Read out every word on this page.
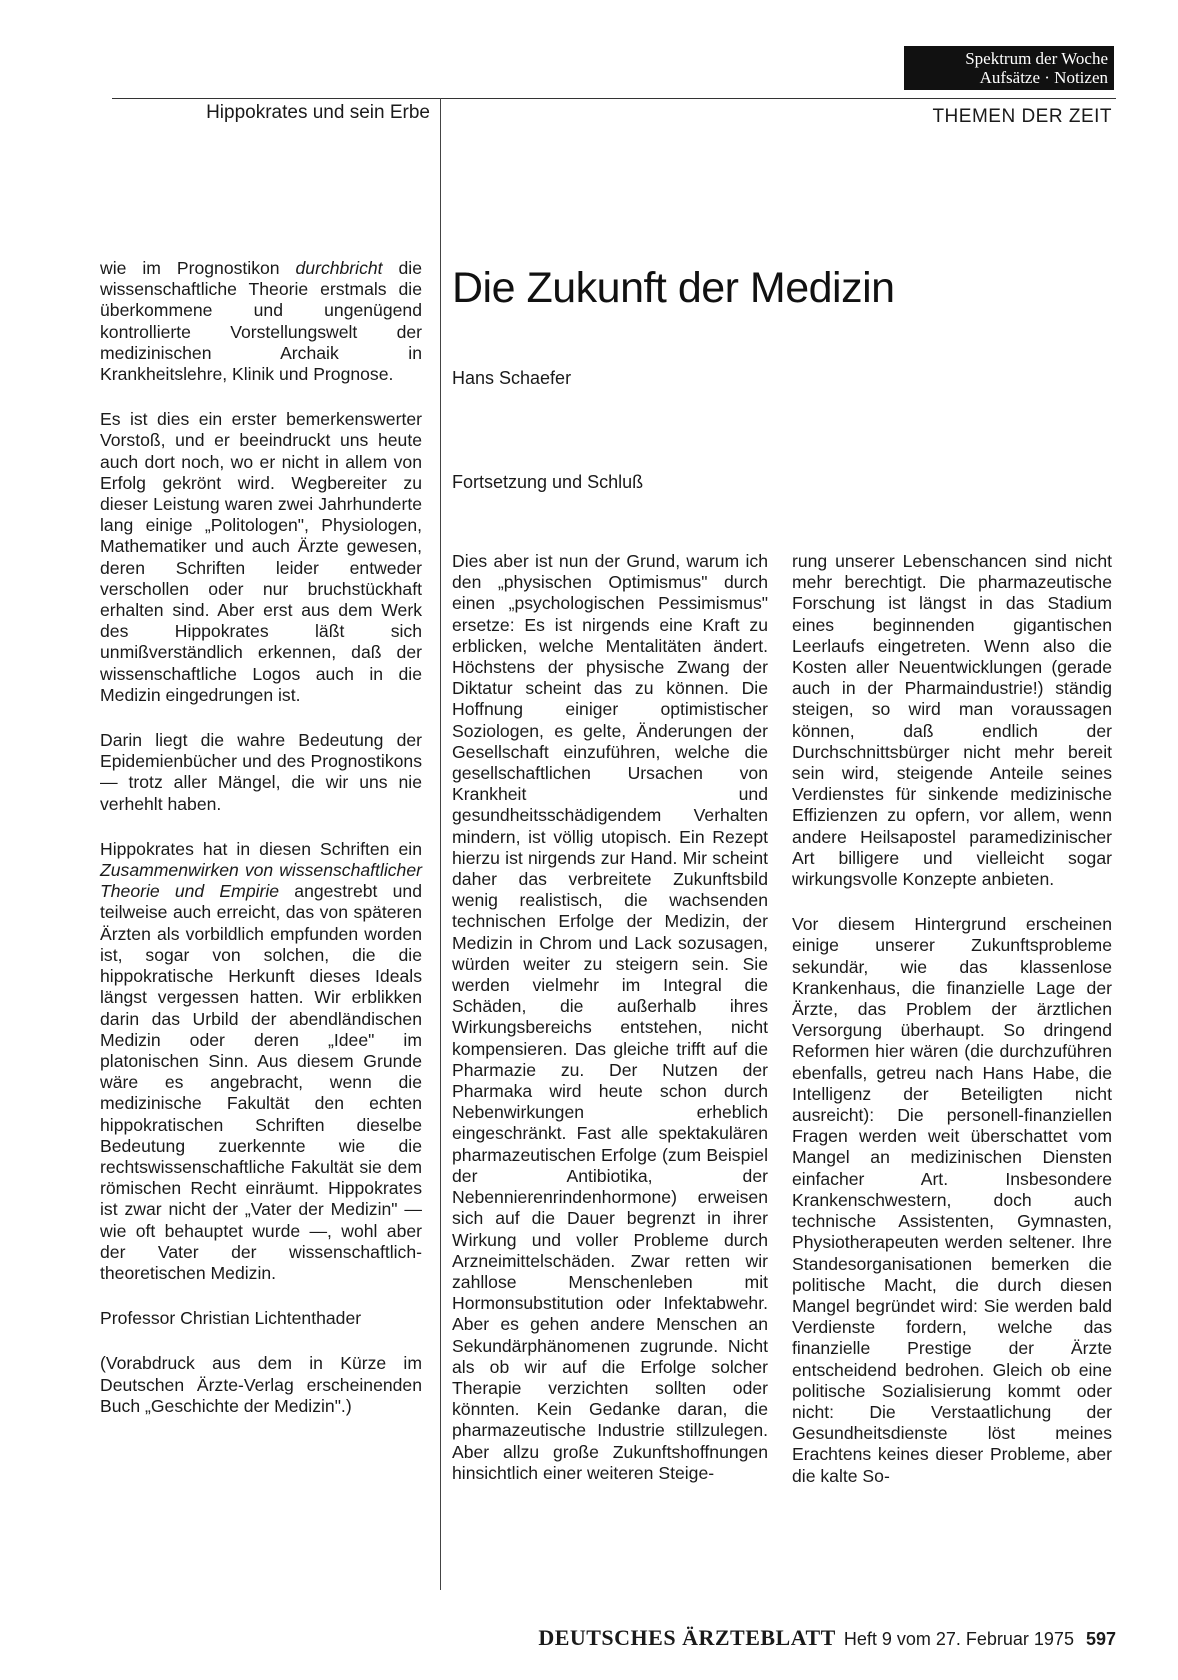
Spektrum der Woche
Aufsätze · Notizen
Hippokrates und sein Erbe	THEMEN DER ZEIT
Die Zukunft der Medizin
Hans Schaefer
Fortsetzung und Schluß

wie im Prognostikon durchbricht die wissenschaftliche Theorie erstmals die überkommene und ungenügend kontrollierte Vorstellungswelt der medizinischen Archaik in Krankheitslehre, Klinik und Prognose.

Es ist dies ein erster bemerkenswerter Vorstoß, und er beeindruckt uns heute auch dort noch, wo er nicht in allem von Erfolg gekrönt wird. Wegbereiter zu dieser Leistung waren zwei Jahrhunderte lang einige „Politologen", Physiologen, Mathematiker und auch Ärzte gewesen, deren Schriften leider entweder verschollen oder nur bruchstückhaft erhalten sind. Aber erst aus dem Werk des Hippokrates läßt sich unmißverständlich erkennen, daß der wissenschaftliche Logos auch in die Medizin eingedrungen ist.

Darin liegt die wahre Bedeutung der Epidemienbücher und des Prognostikons — trotz aller Mängel, die wir uns nie verhehlt haben.

Hippokrates hat in diesen Schriften ein Zusammenwirken von wissenschaftlicher Theorie und Empirie angestrebt und teilweise auch erreicht, das von späteren Ärzten als vorbildlich empfunden worden ist, sogar von solchen, die die hippokratische Herkunft dieses Ideals längst vergessen hatten. Wir erblikken darin das Urbild der abendländischen Medizin oder deren „Idee" im platonischen Sinn. Aus diesem Grunde wäre es angebracht, wenn die medizinische Fakultät den echten hippokratischen Schriften dieselbe Bedeutung zuerkennte wie die rechtswissenschaftliche Fakultät sie dem römischen Recht einräumt. Hippokrates ist zwar nicht der „Vater der Medizin" — wie oft behauptet wurde —, wohl aber der Vater der wissenschaftlich-theoretischen Medizin.

Professor Christian Lichtenthader

(Vorabdruck aus dem in Kürze im Deutschen Ärzte-Verlag erscheinenden Buch „Geschichte der Medizin".)

Dies aber ist nun der Grund, warum ich den „physischen Optimismus" durch einen „psychologischen Pessimismus" ersetze: Es ist nirgends eine Kraft zu erblicken, welche Mentalitäten ändert. Höchstens der physische Zwang der Diktatur scheint das zu können. Die Hoffnung einiger optimistischer Soziologen, es gelte, Änderungen der Gesellschaft einzuführen, welche die gesellschaftlichen Ursachen von Krankheit und gesundheitsschädigendem Verhalten mindern, ist völlig utopisch. Ein Rezept hierzu ist nirgends zur Hand. Mir scheint daher das verbreitete Zukunftsbild wenig realistisch, die wachsenden technischen Erfolge der Medizin, der Medizin in Chrom und Lack sozusagen, würden weiter zu steigern sein. Sie werden vielmehr im Integral die Schäden, die außerhalb ihres Wirkungsbereichs entstehen, nicht kompensieren. Das gleiche trifft auf die Pharmazie zu. Der Nutzen der Pharmaka wird heute schon durch Nebenwirkungen erheblich eingeschränkt. Fast alle spektakulären pharmazeutischen Erfolge (zum Beispiel der Antibiotika, der Nebennierenrindenhormone) erweisen sich auf die Dauer begrenzt in ihrer Wirkung und voller Probleme durch Arzneimittelschäden. Zwar retten wir zahllose Menschenleben mit Hormonsubstitution oder Infektabwehr. Aber es gehen andere Menschen an Sekundärphänomenen zugrunde. Nicht als ob wir auf die Erfolge solcher Therapie verzichten sollten oder könnten. Kein Gedanke daran, die pharmazeutische Industrie stillzulegen. Aber allzu große Zukunftshoffnungen hinsichtlich einer weiteren Steige-

rung unserer Lebenschancen sind nicht mehr berechtigt. Die pharmazeutische Forschung ist längst in das Stadium eines beginnenden gigantischen Leerlaufs eingetreten. Wenn also die Kosten aller Neuentwicklungen (gerade auch in der Pharmaindustrie!) ständig steigen, so wird man voraussagen können, daß endlich der Durchschnittsbürger nicht mehr bereit sein wird, steigende Anteile seines Verdienstes für sinkende medizinische Effizienzen zu opfern, vor allem, wenn andere Heilsapostel paramedizinischer Art billigere und vielleicht sogar wirkungsvolle Konzepte anbieten.

Vor diesem Hintergrund erscheinen einige unserer Zukunftsprobleme sekundär, wie das klassenlose Krankenhaus, die finanzielle Lage der Ärzte, das Problem der ärztlichen Versorgung überhaupt. So dringend Reformen hier wären (die durchzuführen ebenfalls, getreu nach Hans Habe, die Intelligenz der Beteiligten nicht ausreicht): Die personell-finanziellen Fragen werden weit überschattet vom Mangel an medizinischen Diensten einfacher Art. Insbesondere Krankenschwestern, doch auch technische Assistenten, Gymnasten, Physiotherapeuten werden seltener. Ihre Standesorganisationen bemerken die politische Macht, die durch diesen Mangel begründet wird: Sie werden bald Verdienste fordern, welche das finanzielle Prestige der Ärzte entscheidend bedrohen. Gleich ob eine politische Sozialisierung kommt oder nicht: Die Verstaatlichung der Gesundheitsdienste löst meines Erachtens keines dieser Probleme, aber die kalte So-

DEUTSCHES ÄRZTEBLATT Heft 9 vom 27. Februar 1975 597
